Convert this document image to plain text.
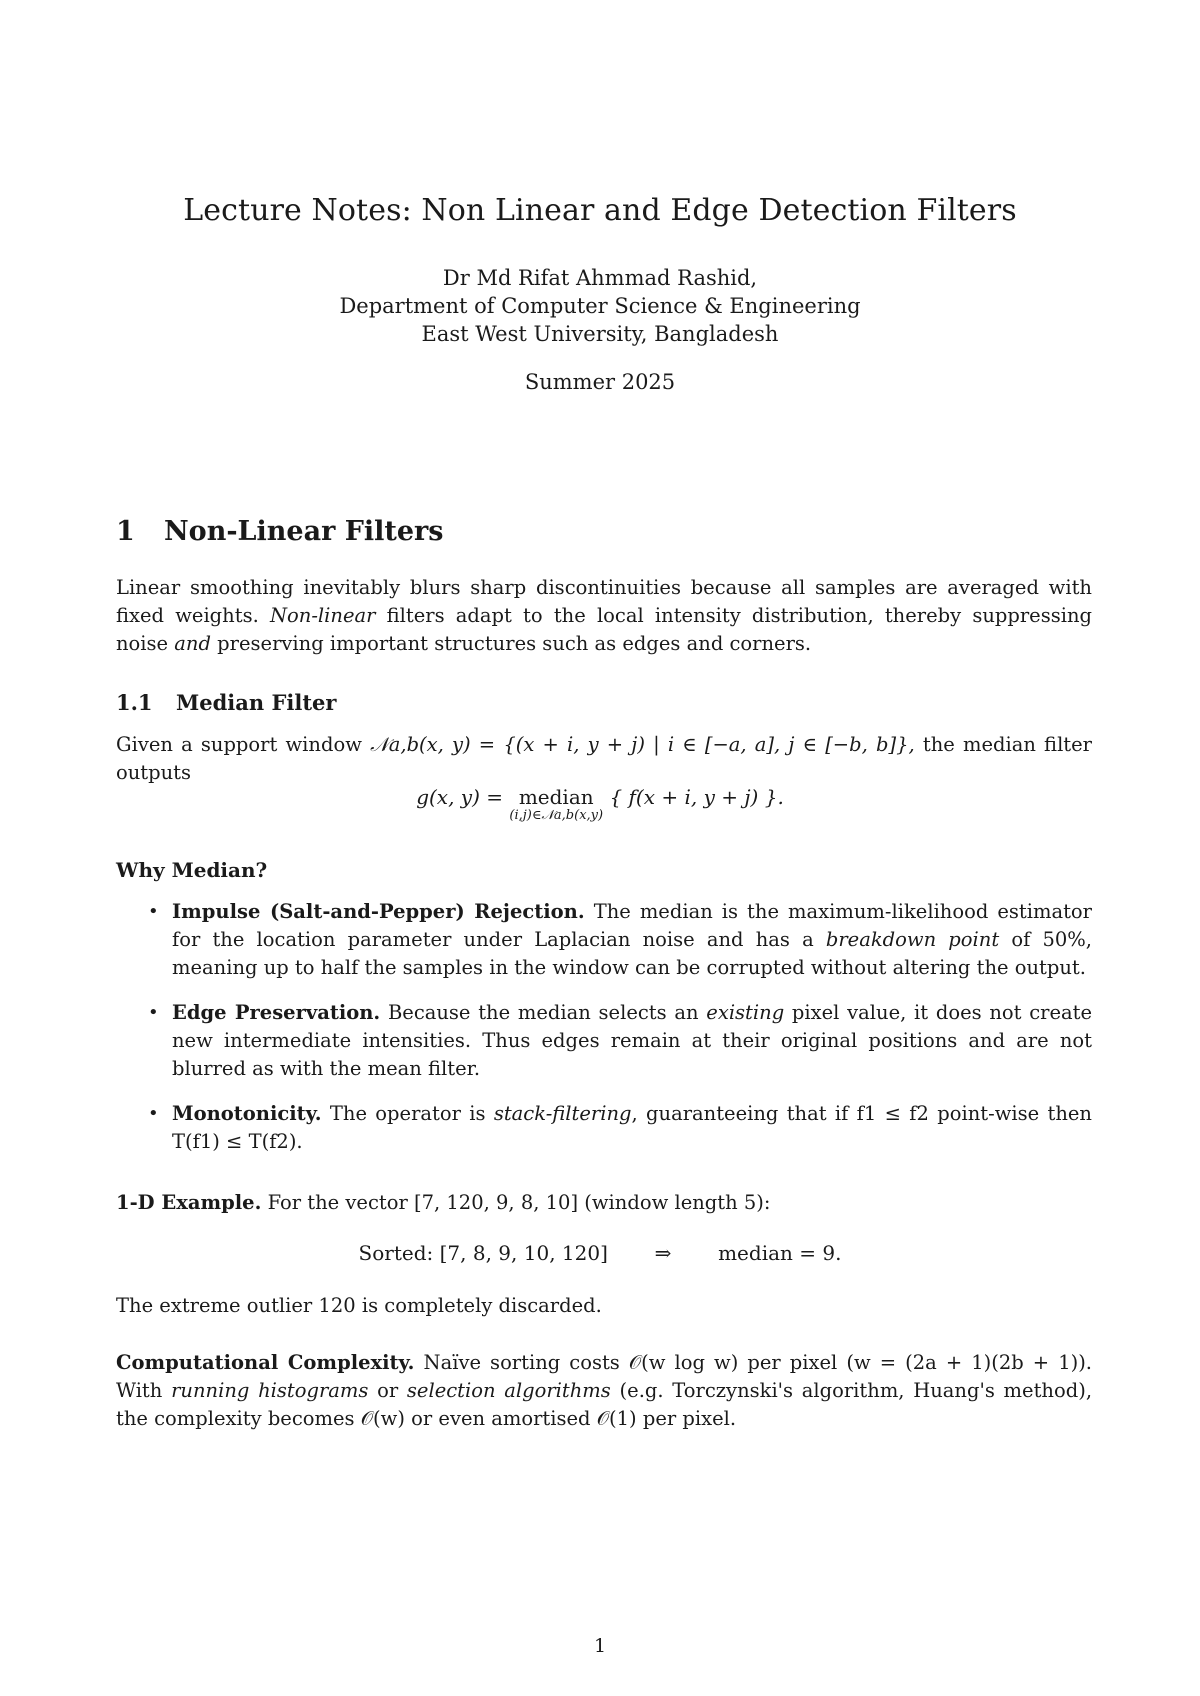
Lecture Notes: Non Linear and Edge Detection Filters
Dr Md Rifat Ahmmad Rashid,
Department of Computer Science & Engineering
East West University, Bangladesh
Summer 2025
1 Non-Linear Filters
Linear smoothing inevitably blurs sharp discontinuities because all samples are averaged with fixed weights. Non-linear filters adapt to the local intensity distribution, thereby suppressing noise and preserving important structures such as edges and corners.
1.1 Median Filter
Given a support window 𝒩a,b(x, y) = {(x + i, y + j) | i ∈ [−a, a], j ∈ [−b, b]}, the median filter outputs
g(x, y) = median
(i,j)∈𝒩a,b(x,y)
{ f(x + i, y + j) }.
Why Median?
• Impulse (Salt-and-Pepper) Rejection. The median is the maximum-likelihood estimator for the location parameter under Laplacian noise and has a breakdown point of 50%, meaning up to half the samples in the window can be corrupted without altering the output.
• Edge Preservation. Because the median selects an existing pixel value, it does not create new intermediate intensities. Thus edges remain at their original positions and are not blurred as with the mean filter.
• Monotonicity. The operator is stack-filtering, guaranteeing that if f1 ≤ f2 point-wise then T(f1) ≤ T(f2).
1-D Example. For the vector [7, 120, 9, 8, 10] (window length 5):
Sorted: [7, 8, 9, 10, 120] ⇒ median = 9.
The extreme outlier 120 is completely discarded.
Computational Complexity. Naïve sorting costs 𝒪(w log w) per pixel (w = (2a + 1)(2b + 1)). With running histograms or selection algorithms (e.g. Torczynski's algorithm, Huang's method), the complexity becomes 𝒪(w) or even amortised 𝒪(1) per pixel.
1
